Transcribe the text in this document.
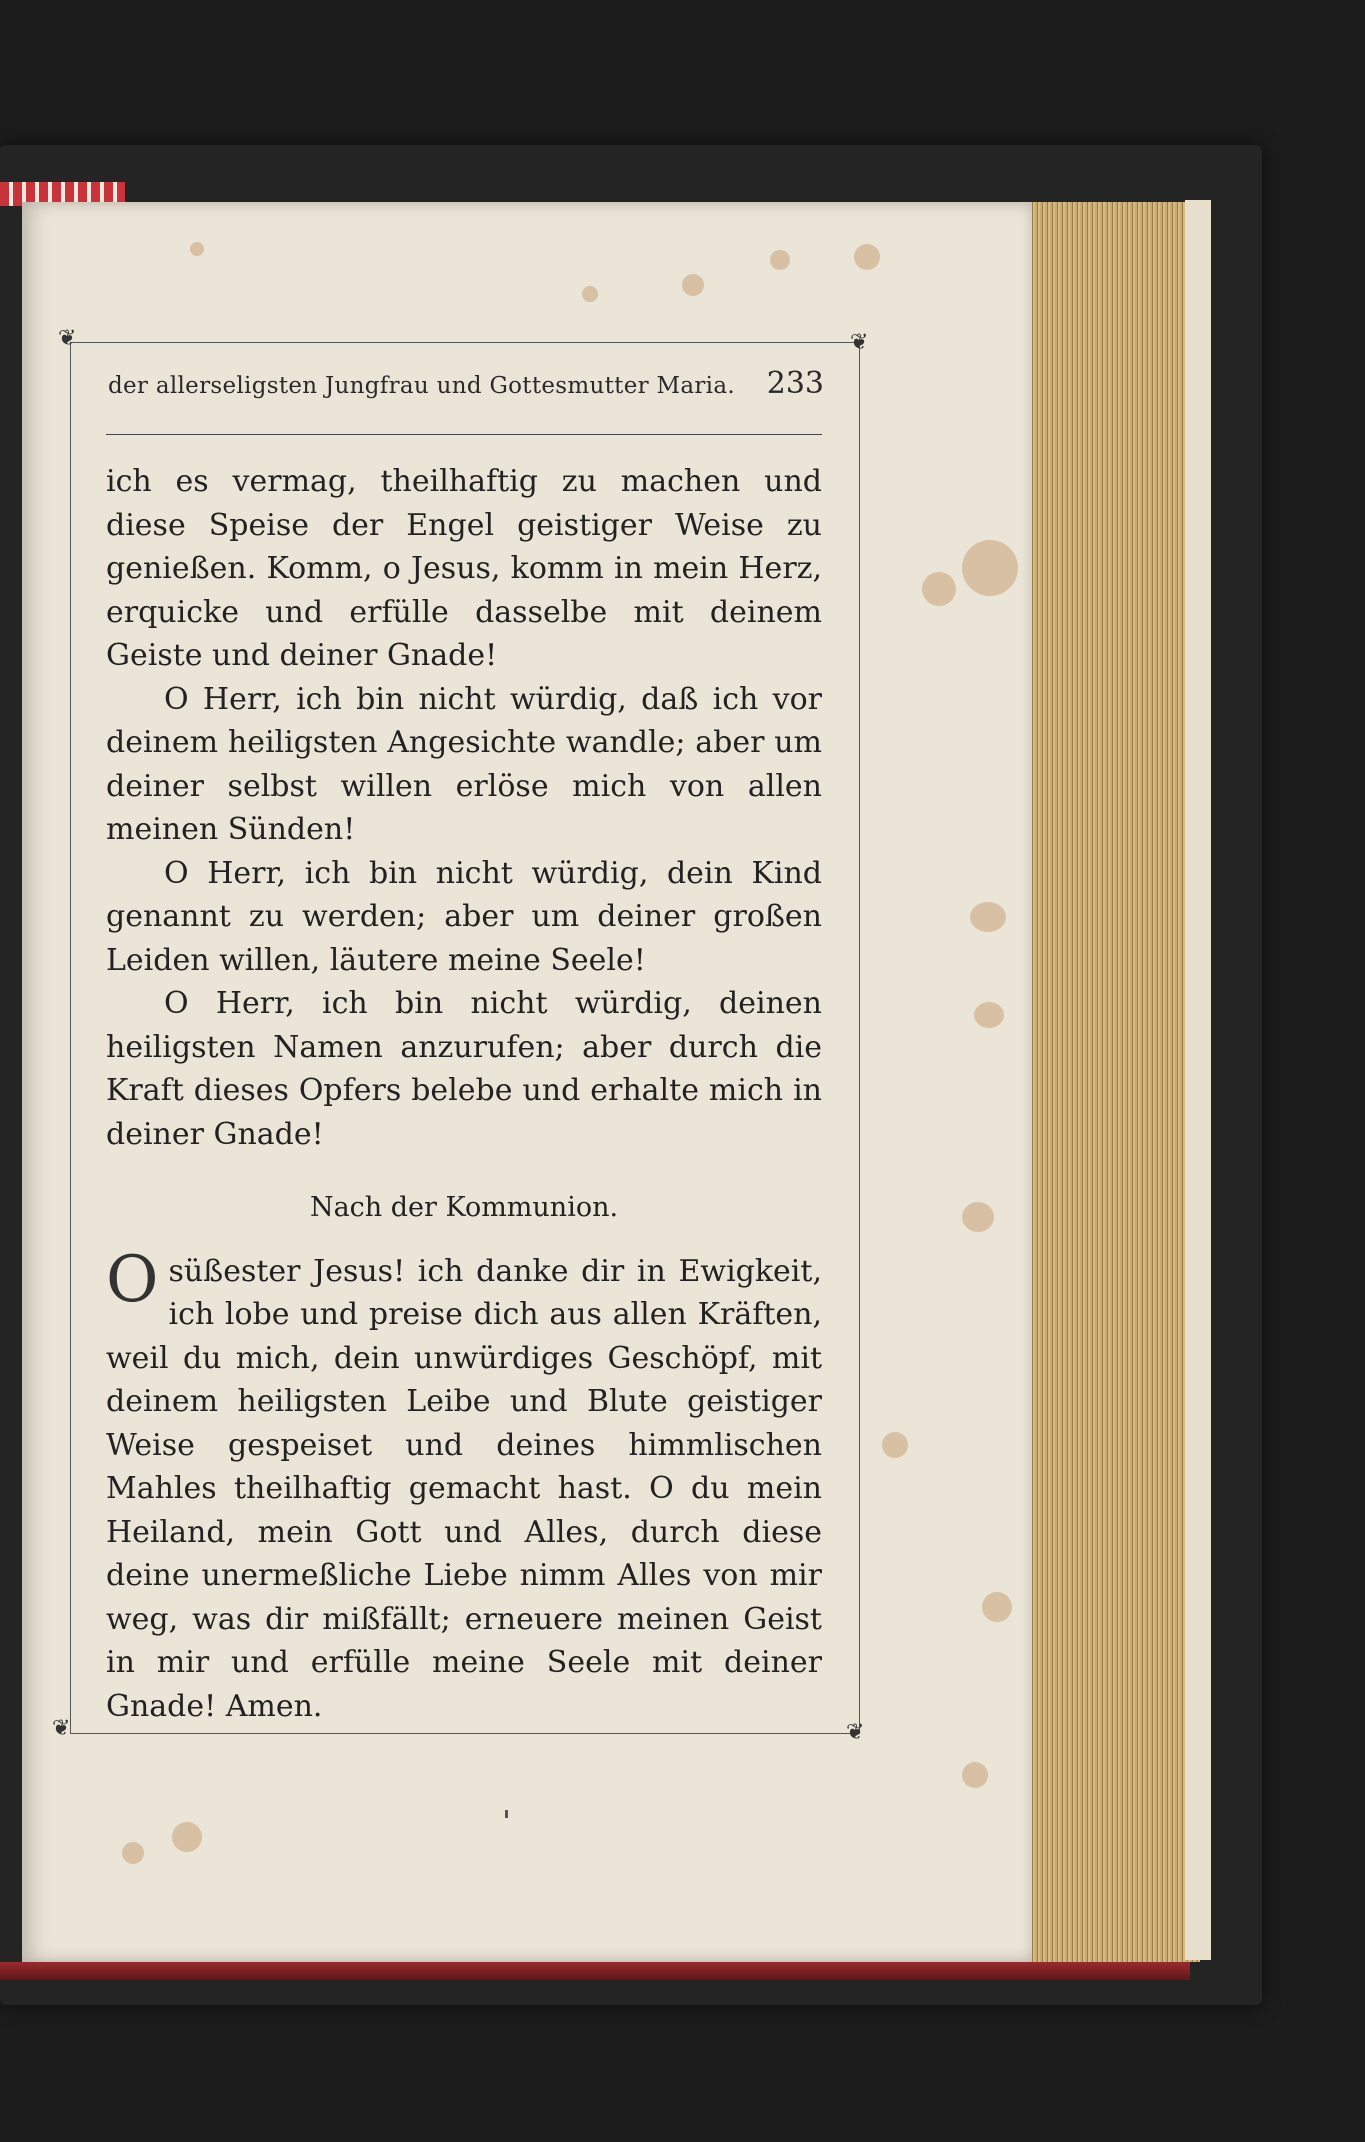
❦	❦
❦	❦
der allerseligsten Jungfrau und Gottesmutter Maria. 233

ich es vermag, theilhaftig zu machen und diese Speise der Engel geistiger Weise zu genießen. Komm, o Jesus, komm in mein Herz, erquicke und erfülle dasselbe mit deinem Geiste und deiner Gnade!

O Herr, ich bin nicht würdig, daß ich vor deinem heiligsten Angesichte wandle; aber um deiner selbst willen erlöse mich von allen meinen Sünden!

O Herr, ich bin nicht würdig, dein Kind genannt zu werden; aber um deiner großen Leiden willen, läutere meine Seele!

O Herr, ich bin nicht würdig, deinen heiligsten Namen anzurufen; aber durch die Kraft dieses Opfers belebe und erhalte mich in deiner Gnade!

Nach der Kommunion.

O süßester Jesus! ich danke dir in Ewigkeit, ich lobe und preise dich aus allen Kräften, weil du mich, dein unwürdiges Geschöpf, mit deinem heiligsten Leibe und Blute geistiger Weise gespeiset und deines himmlischen Mahles theilhaftig gemacht hast. O du mein Heiland, mein Gott und Alles, durch diese deine unermeßliche Liebe nimm Alles von mir weg, was dir mißfällt; erneuere meinen Geist in mir und erfülle meine Seele mit deiner Gnade! Amen.
